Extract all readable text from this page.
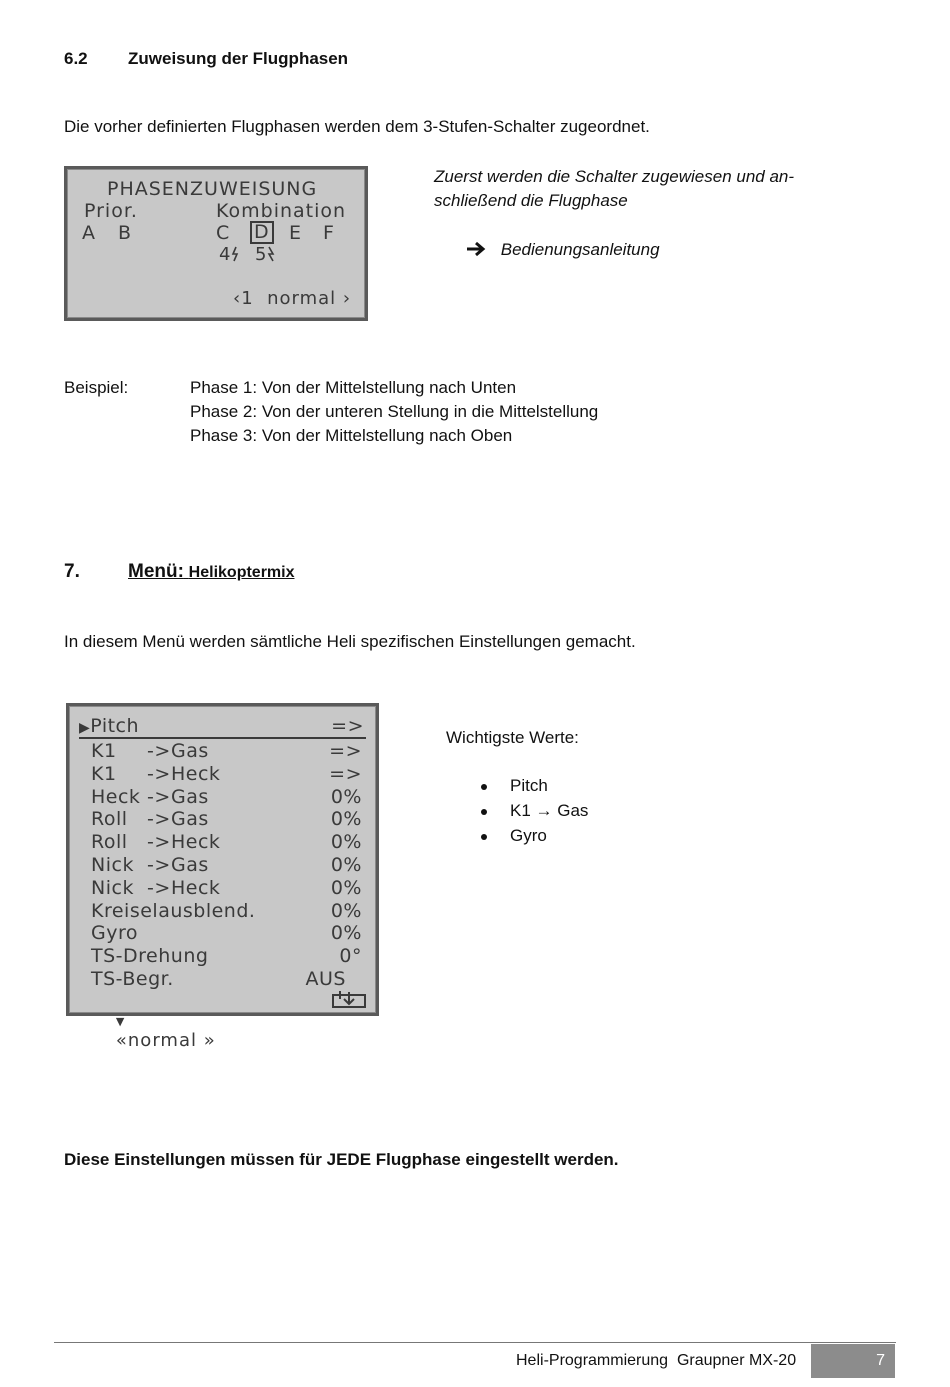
6.2 Zuweisung der Flugphasen
Die vorher definierten Flugphasen werden dem 3-Stufen-Schalter zugeordnet.
PHASENZUWEISUNG
Prior.	Kombination
A B	C D E F
4	5
‹1 normal ›
Zuerst werden die Schalter zugewiesen und an-
schließend die Flugphase
Bedienungsanleitung
Beispiel:	Phase 1: Von der Mittelstellung nach Unten
Phase 2: Von der unteren Stellung in die Mittelstellung
Phase 3: Von der Mittelstellung nach Oben
7.	Menü: Helikoptermix
In diesem Menü werden sämtliche Heli spezifischen Einstellungen gemacht.
▶Pitch	=>
K1 -> Gas	=>
K1 -> Heck	=>
Heck -> Gas	0%
Roll -> Gas	0%
Roll -> Heck	0%
Nick -> Gas	0%
Nick -> Heck	0%
Kreiselausblend.	0%
Gyro	0%
TS-Drehung	0°
TS-Begr.	AUS

▼
«normal »

Wichtigste Werte:
Pitch
K1 → Gas
Gyro
Diese Einstellungen müssen für JEDE Flugphase eingestellt werden.
Heli-Programmierung  Graupner MX-20	7
